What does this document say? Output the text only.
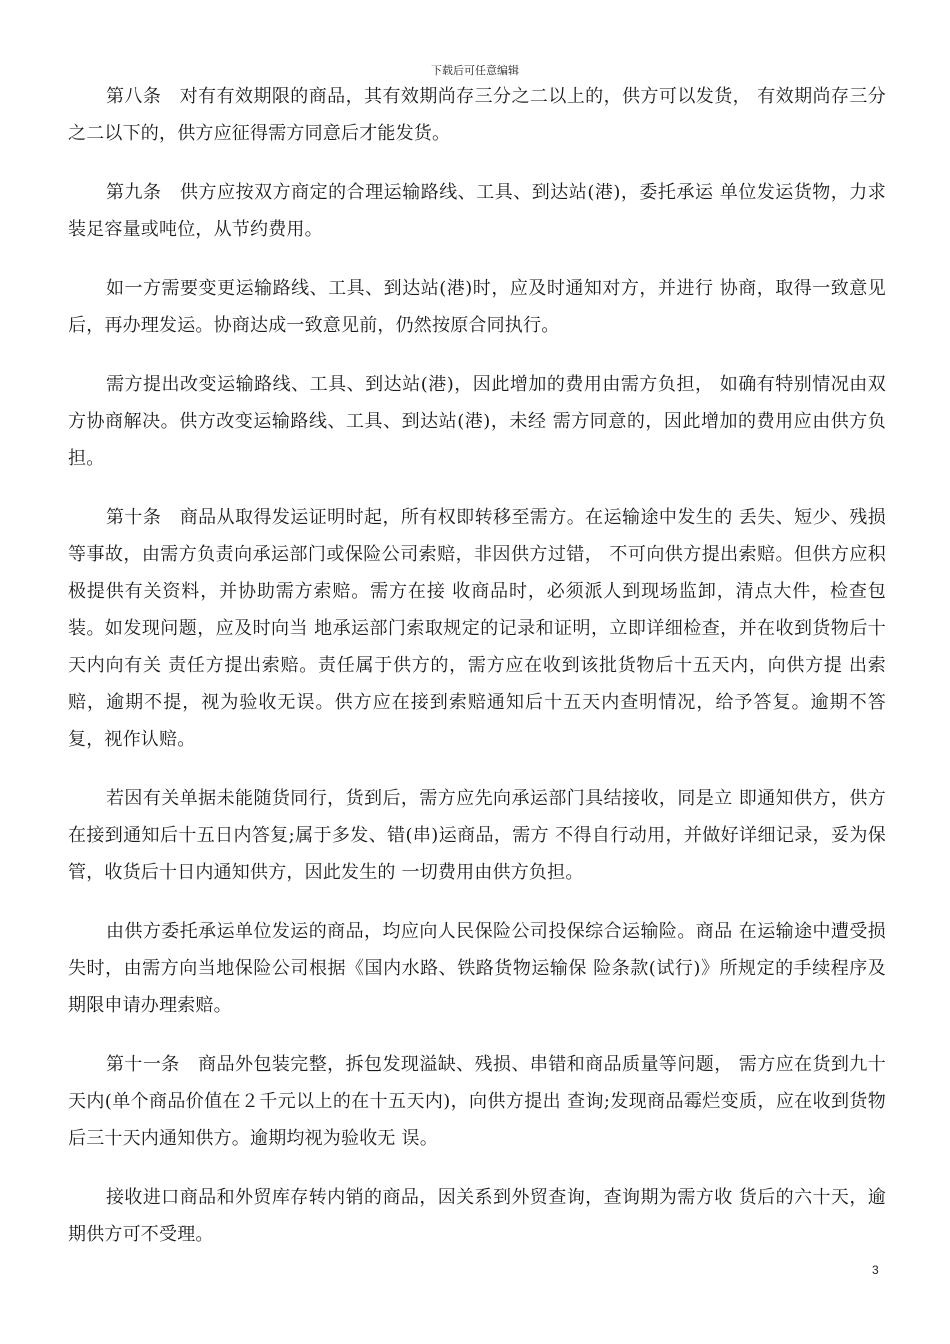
下载后可任意编辑

第八条　对有有效期限的商品，其有效期尚存三分之二以上的，供方可以发货， 有效期尚存三分之二以下的，供方应征得需方同意后才能发货。

第九条　供方应按双方商定的合理运输路线、工具、到达站(港)，委托承运 单位发运货物，力求装足容量或吨位，从节约费用。

如一方需要变更运输路线、工具、到达站(港)时，应及时通知对方，并进行 协商，取得一致意见后，再办理发运。协商达成一致意见前，仍然按原合同执行。

需方提出改变运输路线、工具、到达站(港)，因此增加的费用由需方负担， 如确有特别情况由双方协商解决。供方改变运输路线、工具、到达站(港)，未经 需方同意的，因此增加的费用应由供方负担。

第十条　商品从取得发运证明时起，所有权即转移至需方。在运输途中发生的 丢失、短少、残损等事故，由需方负责向承运部门或保险公司索赔，非因供方过错， 不可向供方提出索赔。但供方应积极提供有关资料，并协助需方索赔。需方在接 收商品时，必须派人到现场监卸，清点大件，检查包装。如发现问题，应及时向当 地承运部门索取规定的记录和证明，立即详细检查，并在收到货物后十天内向有关 责任方提出索赔。责任属于供方的，需方应在收到该批货物后十五天内，向供方提 出索赔，逾期不提，视为验收无误。供方应在接到索赔通知后十五天内查明情况，给予答复。逾期不答复，视作认赔。

若因有关单据未能随货同行，货到后，需方应先向承运部门具结接收，同是立 即通知供方，供方在接到通知后十五日内答复;属于多发、错(串)运商品，需方 不得自行动用，并做好详细记录，妥为保管，收货后十日内通知供方，因此发生的 一切费用由供方负担。

由供方委托承运单位发运的商品，均应向人民保险公司投保综合运输险。商品 在运输途中遭受损失时，由需方向当地保险公司根据《国内水路、铁路货物运输保 险条款(试行)》所规定的手续程序及期限申请办理索赔。

第十一条　商品外包装完整，拆包发现溢缺、残损、串错和商品质量等问题， 需方应在货到九十天内(单个商品价值在２千元以上的在十五天内)，向供方提出 查询;发现商品霉烂变质，应在收到货物后三十天内通知供方。逾期均视为验收无 误。

接收进口商品和外贸库存转内销的商品，因关系到外贸查询，查询期为需方收 货后的六十天，逾期供方可不受理。

3
